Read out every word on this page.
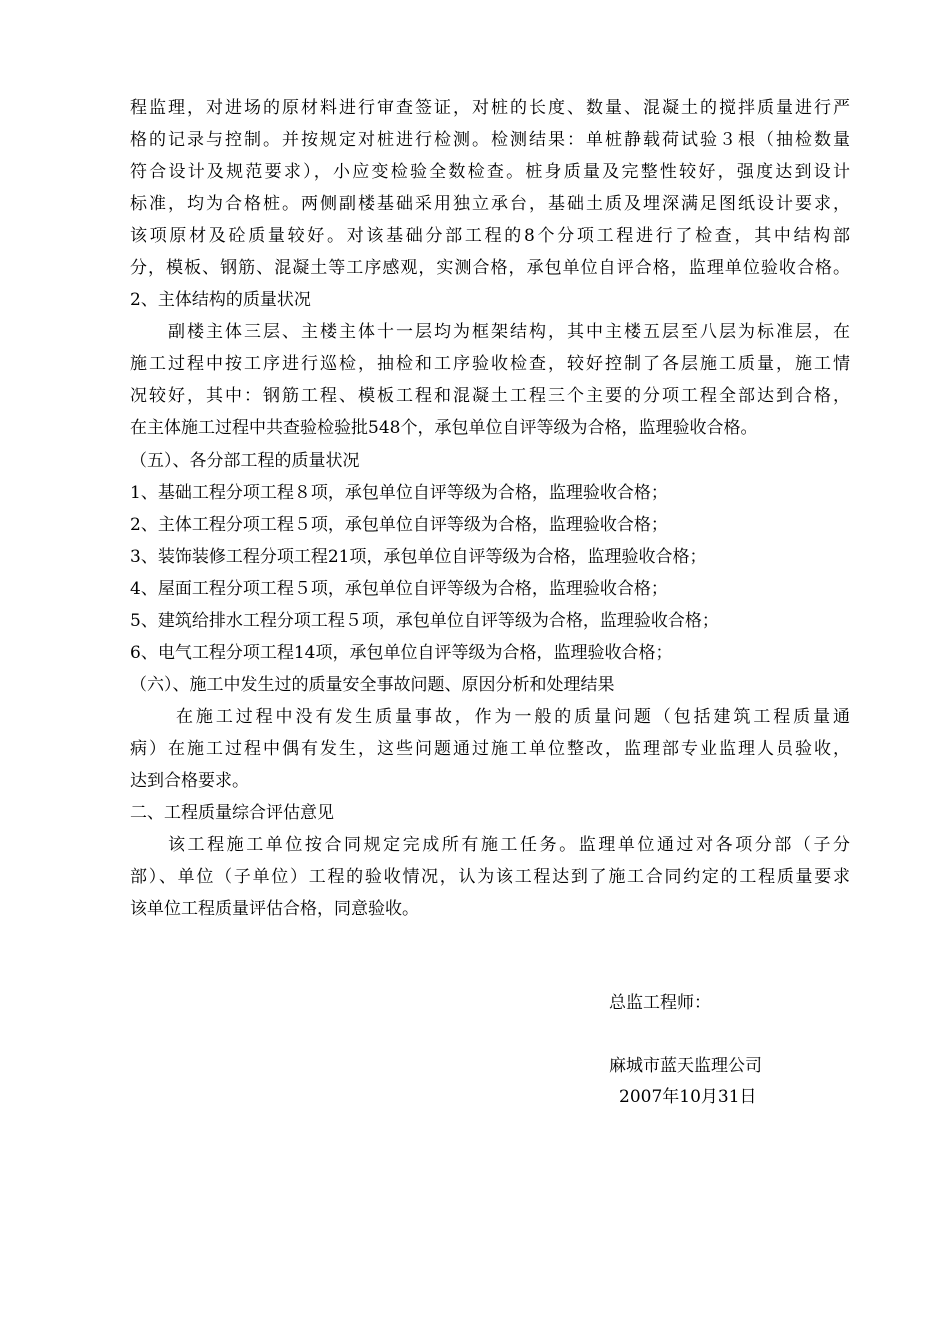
程监理，对进场的原材料进行审查签证，对桩的长度、数量、混凝土的搅拌质量进行严
格的记录与控制。并按规定对桩进行检测。检测结果：单桩静载荷试验３根（抽检数量
符合设计及规范要求），小应变检验全数检查。桩身质量及完整性较好，强度达到设计
标准，均为合格桩。两侧副楼基础采用独立承台，基础土质及埋深满足图纸设计要求，
该项原材及砼质量较好。对该基础分部工程的8个分项工程进行了检查，其中结构部
分，模板、钢筋、混凝土等工序感观，实测合格，承包单位自评合格，监理单位验收合格。
2、主体结构的质量状况
副楼主体三层、主楼主体十一层均为框架结构，其中主楼五层至八层为标准层，在
施工过程中按工序进行巡检，抽检和工序验收检查，较好控制了各层施工质量，施工情
况较好，其中：钢筋工程、模板工程和混凝土工程三个主要的分项工程全部达到合格，
在主体施工过程中共查验检验批548个，承包单位自评等级为合格，监理验收合格。
（五）、各分部工程的质量状况
1、基础工程分项工程８项，承包单位自评等级为合格，监理验收合格；
2、主体工程分项工程５项，承包单位自评等级为合格，监理验收合格；
3、装饰装修工程分项工程21项，承包单位自评等级为合格，监理验收合格；
4、屋面工程分项工程５项，承包单位自评等级为合格，监理验收合格；
5、建筑给排水工程分项工程５项，承包单位自评等级为合格，监理验收合格；
6、电气工程分项工程14项，承包单位自评等级为合格，监理验收合格；
（六）、施工中发生过的质量安全事故问题、原因分析和处理结果
在施工过程中没有发生质量事故，作为一般的质量问题（包括建筑工程质量通
病）在施工过程中偶有发生，这些问题通过施工单位整改，监理部专业监理人员验收，
达到合格要求。
二、工程质量综合评估意见
该工程施工单位按合同规定完成所有施工任务。监理单位通过对各项分部（子分
部）、单位（子单位）工程的验收情况，认为该工程达到了施工合同约定的工程质量要求
该单位工程质量评估合格，同意验收。
总监工程师：
麻城市蓝天监理公司
2007年10月31日
